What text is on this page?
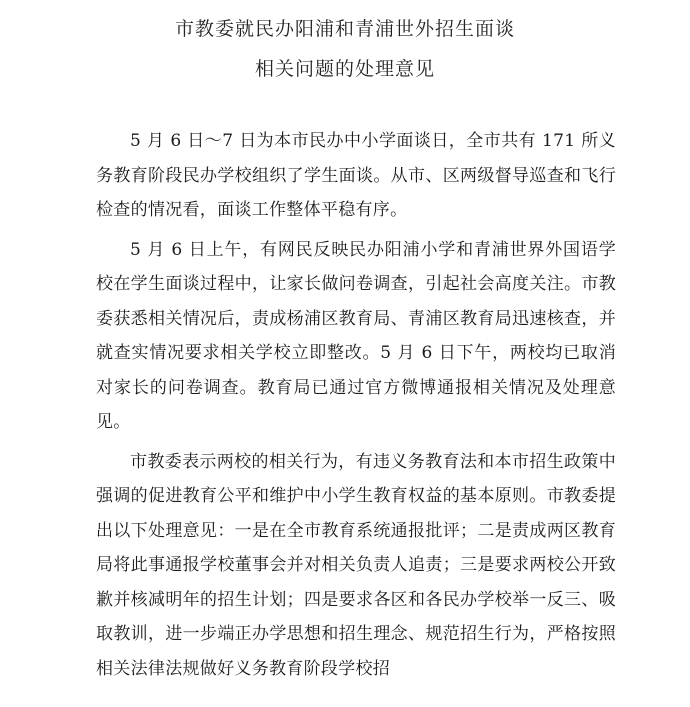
市教委就民办阳浦和青浦世外招生面谈
相关问题的处理意见

5 月 6 日～7 日为本市民办中小学面谈日，全市共有 171 所义务教育阶段民办学校组织了学生面谈。从市、区两级督导巡查和飞行检查的情况看，面谈工作整体平稳有序。

5 月 6 日上午，有网民反映民办阳浦小学和青浦世界外国语学校在学生面谈过程中，让家长做问卷调查，引起社会高度关注。市教委获悉相关情况后，责成杨浦区教育局、青浦区教育局迅速核查，并就查实情况要求相关学校立即整改。5 月 6 日下午，两校均已取消对家长的问卷调查。教育局已通过官方微博通报相关情况及处理意见。

市教委表示两校的相关行为，有违义务教育法和本市招生政策中强调的促进教育公平和维护中小学生教育权益的基本原则。市教委提出以下处理意见：一是在全市教育系统通报批评；二是责成两区教育局将此事通报学校董事会并对相关负责人追责；三是要求两校公开致歉并核减明年的招生计划；四是要求各区和各民办学校举一反三、吸取教训，进一步端正办学思想和招生理念、规范招生行为，严格按照相关法律法规做好义务教育阶段学校招
